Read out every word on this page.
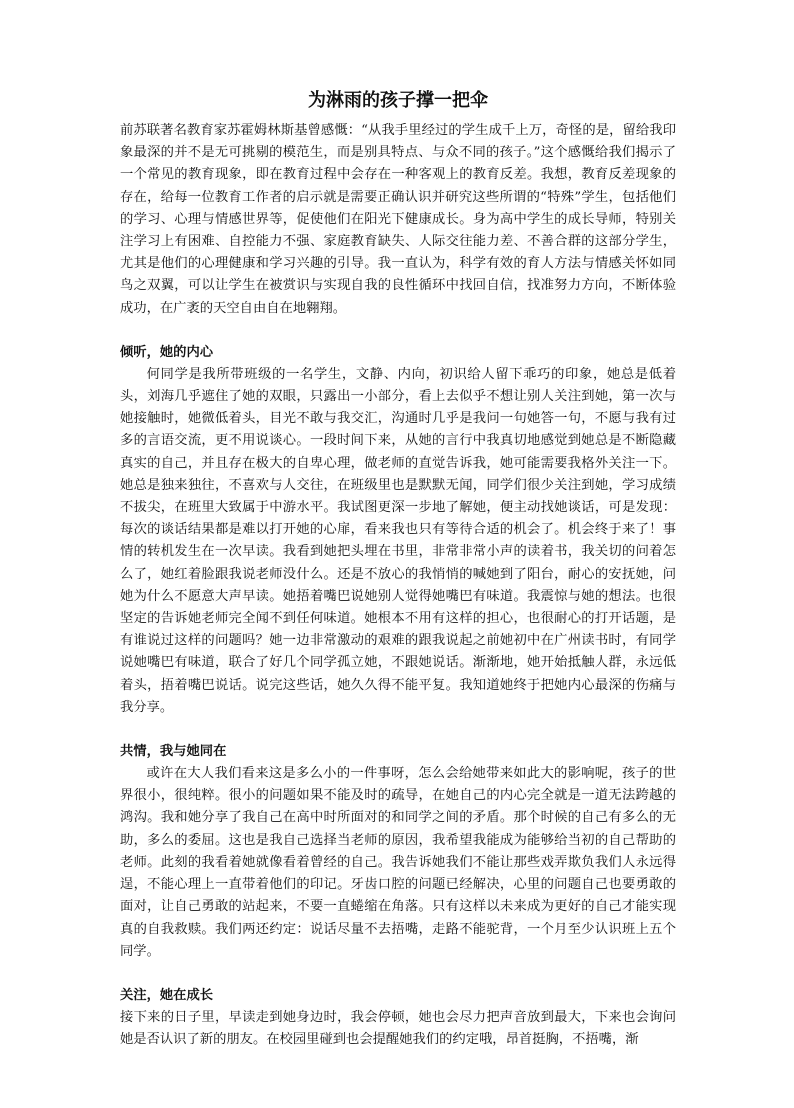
为淋雨的孩子撑一把伞

前苏联著名教育家苏霍姆林斯基曾感慨：“从我手里经过的学生成千上万，奇怪的是，留给我印象最深的并不是无可挑剔的模范生，而是别具特点、与众不同的孩子。”这个感慨给我们揭示了一个常见的教育现象，即在教育过程中会存在一种客观上的教育反差。我想，教育反差现象的存在，给每一位教育工作者的启示就是需要正确认识并研究这些所谓的“特殊”学生，包括他们的学习、心理与情感世界等，促使他们在阳光下健康成长。身为高中学生的成长导师，特别关注学习上有困难、自控能力不强、家庭教育缺失、人际交往能力差、不善合群的这部分学生，尤其是他们的心理健康和学习兴趣的引导。我一直认为，科学有效的育人方法与情感关怀如同鸟之双翼，可以让学生在被赏识与实现自我的良性循环中找回自信，找准努力方向，不断体验成功，在广袤的天空自由自在地翱翔。

倾听，她的内心

何同学是我所带班级的一名学生，文静、内向，初识给人留下乖巧的印象，她总是低着头，刘海几乎遮住了她的双眼，只露出一小部分，看上去似乎不想让别人关注到她，第一次与她接触时，她微低着头，目光不敢与我交汇，沟通时几乎是我问一句她答一句，不愿与我有过多的言语交流，更不用说谈心。一段时间下来，从她的言行中我真切地感觉到她总是不断隐藏真实的自己，并且存在极大的自卑心理，做老师的直觉告诉我，她可能需要我格外关注一下。她总是独来独往，不喜欢与人交往，在班级里也是默默无闻，同学们很少关注到她，学习成绩不拔尖，在班里大致属于中游水平。我试图更深一步地了解她，便主动找她谈话，可是发现：每次的谈话结果都是难以打开她的心扉，看来我也只有等待合适的机会了。机会终于来了！事情的转机发生在一次早读。我看到她把头埋在书里，非常非常小声的读着书，我关切的问着怎么了，她红着脸跟我说老师没什么。还是不放心的我悄悄的喊她到了阳台，耐心的安抚她，问她为什么不愿意大声早读。她捂着嘴巴说她别人觉得她嘴巴有味道。我震惊与她的想法。也很坚定的告诉她老师完全闻不到任何味道。她根本不用有这样的担心，也很耐心的打开话题，是有谁说过这样的问题吗？她一边非常激动的艰难的跟我说起之前她初中在广州读书时，有同学说她嘴巴有味道，联合了好几个同学孤立她，不跟她说话。渐渐地，她开始抵触人群，永远低着头，捂着嘴巴说话。说完这些话，她久久得不能平复。我知道她终于把她内心最深的伤痛与我分享。

共情，我与她同在

或许在大人我们看来这是多么小的一件事呀，怎么会给她带来如此大的影响呢，孩子的世界很小，很纯粹。很小的问题如果不能及时的疏导，在她自己的内心完全就是一道无法跨越的鸿沟。我和她分享了我自己在高中时所面对的和同学之间的矛盾。那个时候的自己有多么的无助，多么的委屈。这也是我自己选择当老师的原因，我希望我能成为能够给当初的自己帮助的老师。此刻的我看着她就像看着曾经的自己。我告诉她我们不能让那些戏弄欺负我们人永远得逞，不能心理上一直带着他们的印记。牙齿口腔的问题已经解决，心里的问题自己也要勇敢的面对，让自己勇敢的站起来，不要一直蜷缩在角落。只有这样以未来成为更好的自己才能实现真的自我救赎。我们两还约定：说话尽量不去捂嘴，走路不能驼背，一个月至少认识班上五个同学。

关注，她在成长

接下来的日子里，早读走到她身边时，我会停顿，她也会尽力把声音放到最大，下来也会询问她是否认识了新的朋友。在校园里碰到也会提醒她我们的约定哦，昂首挺胸，不捂嘴，渐
